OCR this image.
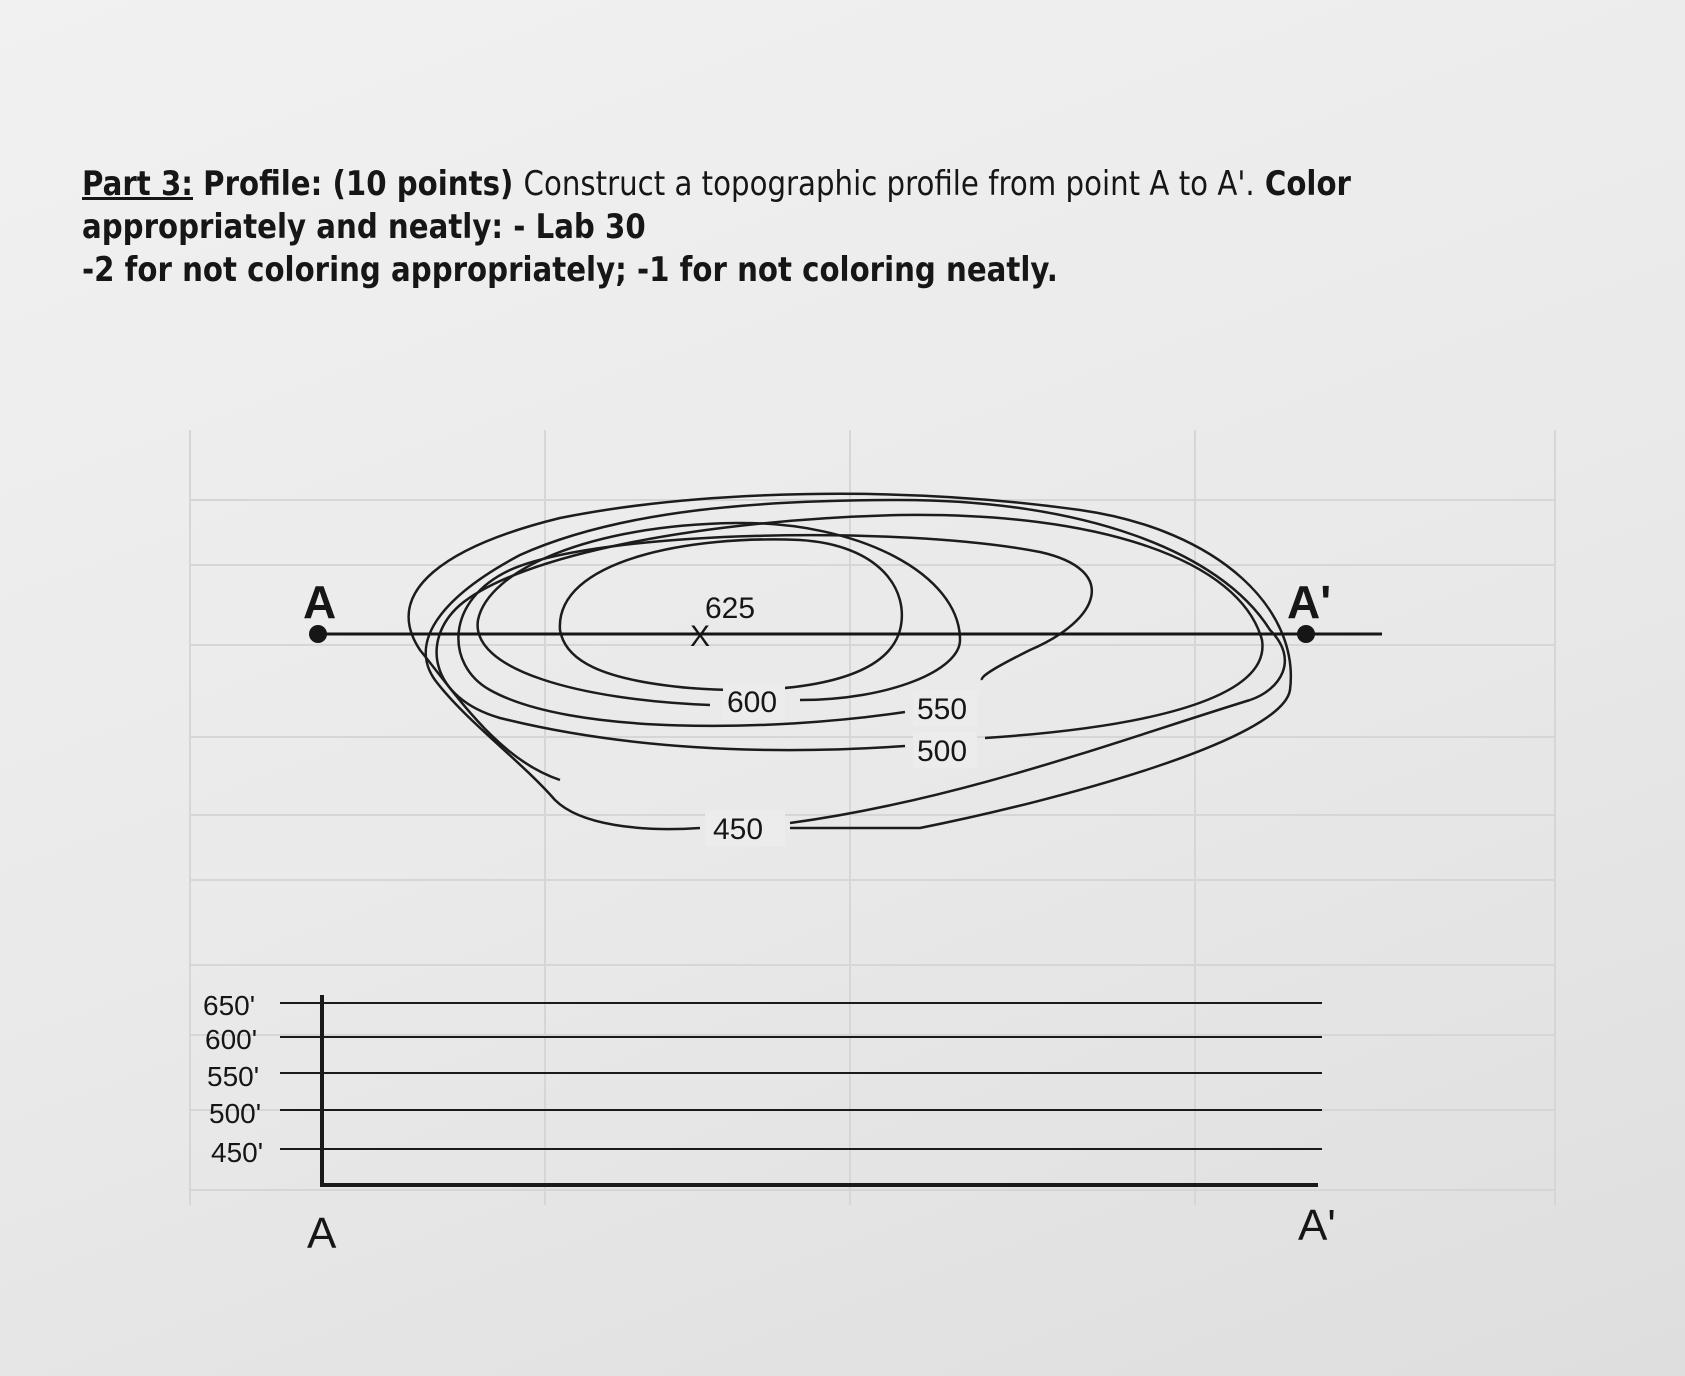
Part 3: Profile: (10 points) Construct a topographic profile from point A to A'. Color
appropriately and neatly: - Lab 30
-2 for not coloring appropriately; -1 for not coloring neatly.
A	A'
X
625
600	550
500
450
650'
600'
550'
500'
450'
A	A'
